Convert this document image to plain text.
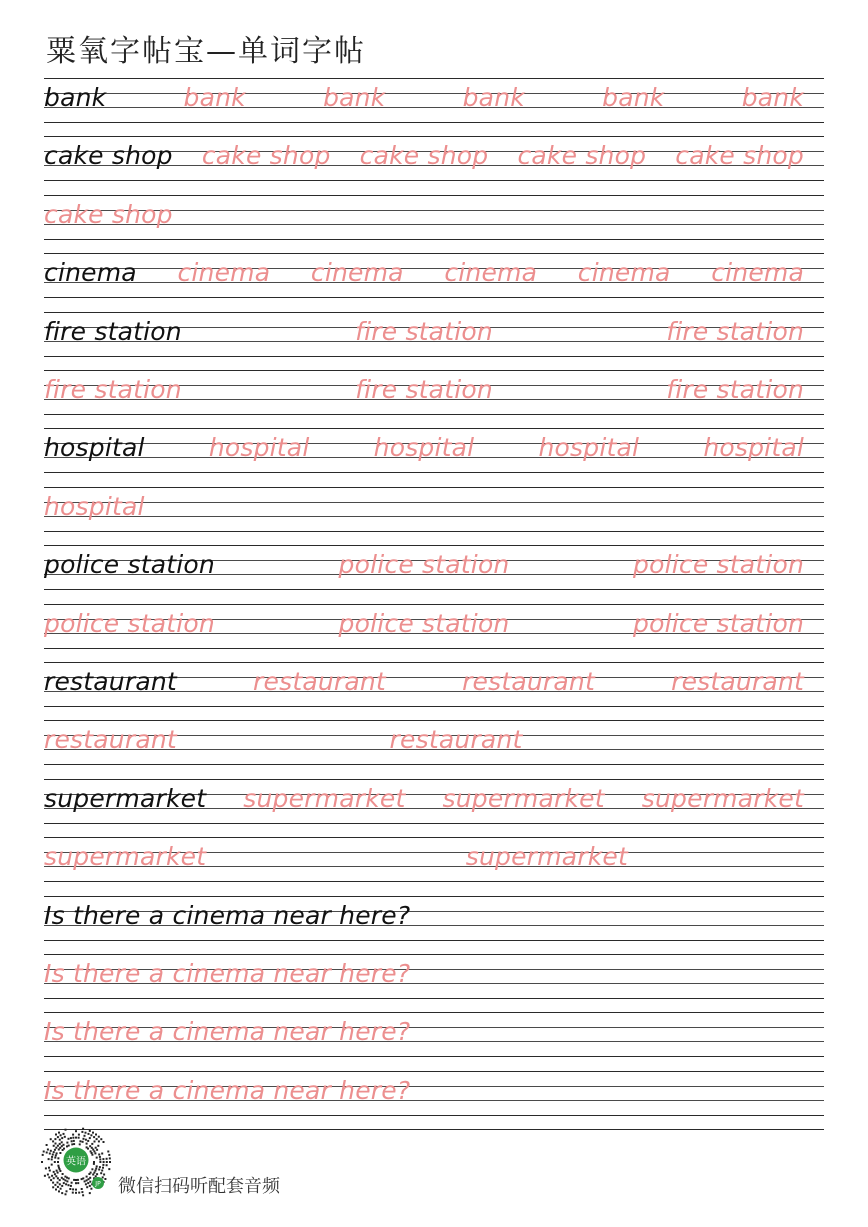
粟氧字帖宝—单词字帖
bank	bank	bank	bank	bank	bank
cake shop cake shop cake shop cake shop cake shop
cake shop
cinema cinema cinema cinema cinema cinema
fire station	fire station	fire station
fire station	fire station	fire station
hospital	hospital	hospital	hospital	hospital
hospital
police station	police station	police station
police station	police station	police station
restaurant	restaurant	restaurant	restaurant
restaurant	restaurant
supermarket supermarket supermarket supermarket
supermarket	supermarket
Is there a cinema near here?
Is there a cinema near here?
Is there a cinema near here?
Is there a cinema near here?
英语
JP 微信扫码听配套音频
